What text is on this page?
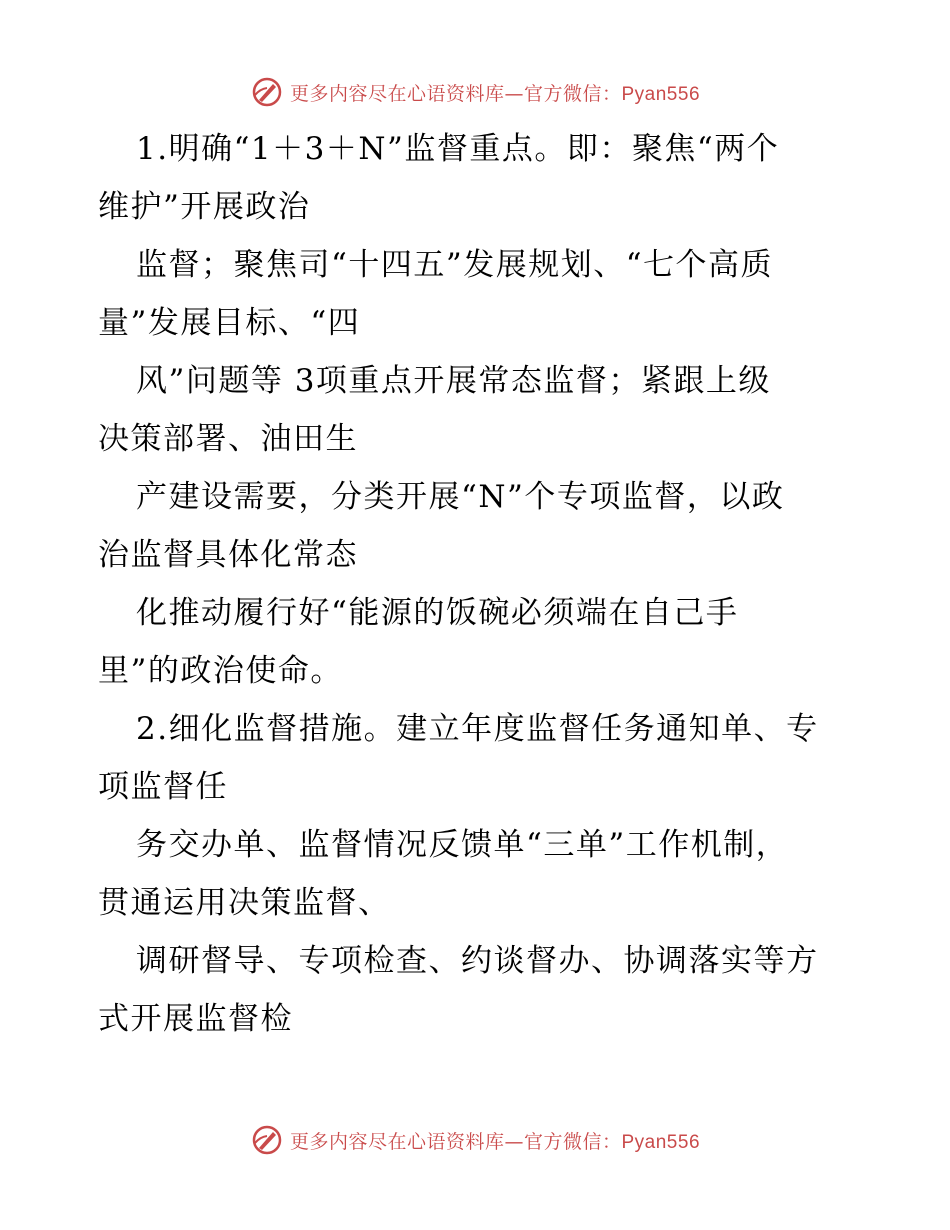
更多内容尽在心语资料库—官方微信：Pyan556
1.明确“1＋3＋N”监督重点。即：聚焦“两个
维护”开展政治
监督；聚焦司“十四五”发展规划、“七个高质
量”发展目标、“四
风”问题等 3项重点开展常态监督；紧跟上级
决策部署、油田生
产建设需要，分类开展“N”个专项监督，以政
治监督具体化常态
化推动履行好“能源的饭碗必须端在自己手
里”的政治使命。
2.细化监督措施。建立年度监督任务通知单、专
项监督任
务交办单、监督情况反馈单“三单”工作机制，
贯通运用决策监督、
调研督导、专项检查、约谈督办、协调落实等方
式开展监督检
更多内容尽在心语资料库—官方微信：Pyan556
